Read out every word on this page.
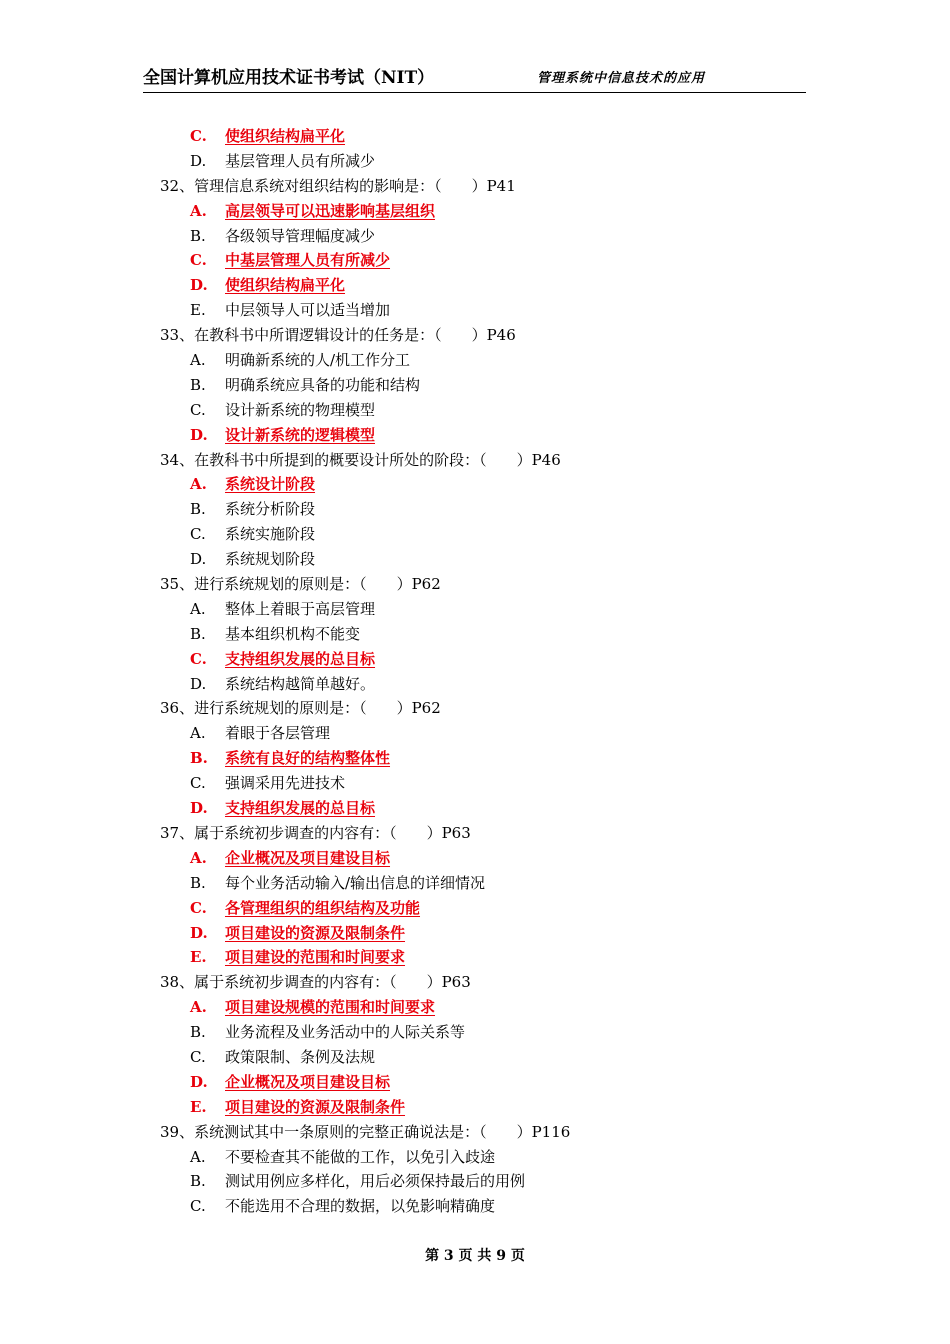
全国计算机应用技术证书考试（NIT）	管理系统中信息技术的应用
C. 使组织结构扁平化
D. 基层管理人员有所减少
32、管理信息系统对组织结构的影响是：（　　）P41
A. 高层领导可以迅速影响基层组织
B. 各级领导管理幅度减少
C. 中基层管理人员有所减少
D. 使组织结构扁平化
E. 中层领导人可以适当增加
33、在教科书中所谓逻辑设计的任务是：（　　）P46
A. 明确新系统的人/机工作分工
B. 明确系统应具备的功能和结构
C. 设计新系统的物理模型
D. 设计新系统的逻辑模型
34、在教科书中所提到的概要设计所处的阶段：（　　）P46
A. 系统设计阶段
B. 系统分析阶段
C. 系统实施阶段
D. 系统规划阶段
35、进行系统规划的原则是：（　　）P62
A. 整体上着眼于高层管理
B. 基本组织机构不能变
C. 支持组织发展的总目标
D. 系统结构越简单越好。
36、进行系统规划的原则是：（　　）P62
A. 着眼于各层管理
B. 系统有良好的结构整体性
C. 强调采用先进技术
D. 支持组织发展的总目标
37、属于系统初步调查的内容有：（　　）P63
A. 企业概况及项目建设目标
B. 每个业务活动输入/输出信息的详细情况
C. 各管理组织的组织结构及功能
D. 项目建设的资源及限制条件
E. 项目建设的范围和时间要求
38、属于系统初步调查的内容有：（　　）P63
A. 项目建设规模的范围和时间要求
B. 业务流程及业务活动中的人际关系等
C. 政策限制、条例及法规
D. 企业概况及项目建设目标
E. 项目建设的资源及限制条件
39、系统测试其中一条原则的完整正确说法是：（　　）P116
A. 不要检查其不能做的工作，以免引入歧途
B. 测试用例应多样化，用后必须保持最后的用例
C. 不能选用不合理的数据，以免影响精确度
第 3 页 共 9 页
